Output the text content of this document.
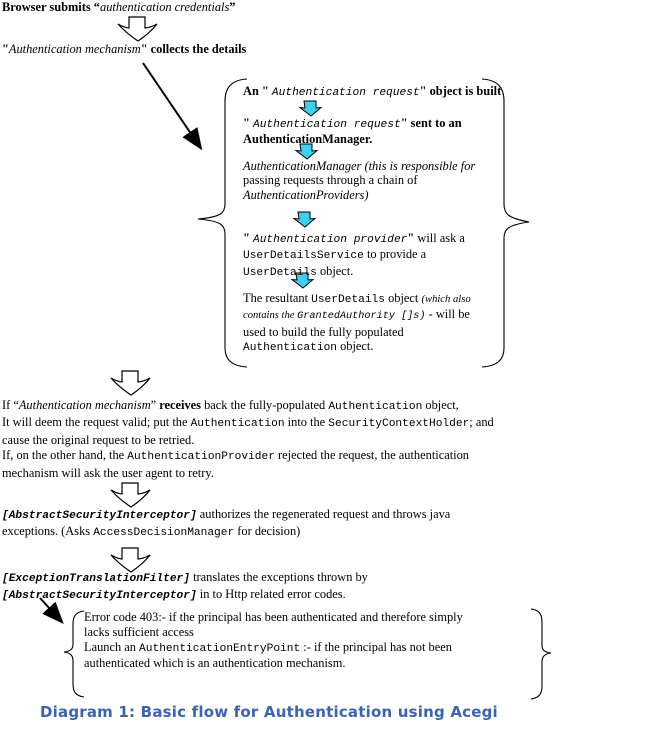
Browser submits “authentication credentials”
"Authentication mechanism" collects the details
An " Authentication request" object is built
" Authentication request" sent to an
AuthenticationManager.
AuthenticationManager (this is responsible for
passing requests through a chain of
AuthenticationProviders)
" Authentication provider" will ask a
UserDetailsService to provide a
UserDetails object.
The resultant UserDetails object (which also
contains the GrantedAuthority []s) - will be
used to build the fully populated
Authentication object.
If “Authentication mechanism” receives back the fully-populated Authentication object,
It will deem the request valid; put the Authentication into the SecurityContextHolder; and
cause the original request to be retried.
If, on the other hand, the AuthenticationProvider rejected the request, the authentication
mechanism will ask the user agent to retry.
[AbstractSecurityInterceptor] authorizes the regenerated request and throws java
exceptions. (Asks AccessDecisionManager for decision)
[ExceptionTranslationFilter] translates the exceptions thrown by
[AbstractSecurityInterceptor] in to Http related error codes.
Error code 403:- if the principal has been authenticated and therefore simply
lacks sufficient access
Launch an AuthenticationEntryPoint :- if the principal has not been
authenticated which is an authentication mechanism.
Diagram 1: Basic flow for Authentication using Acegi
